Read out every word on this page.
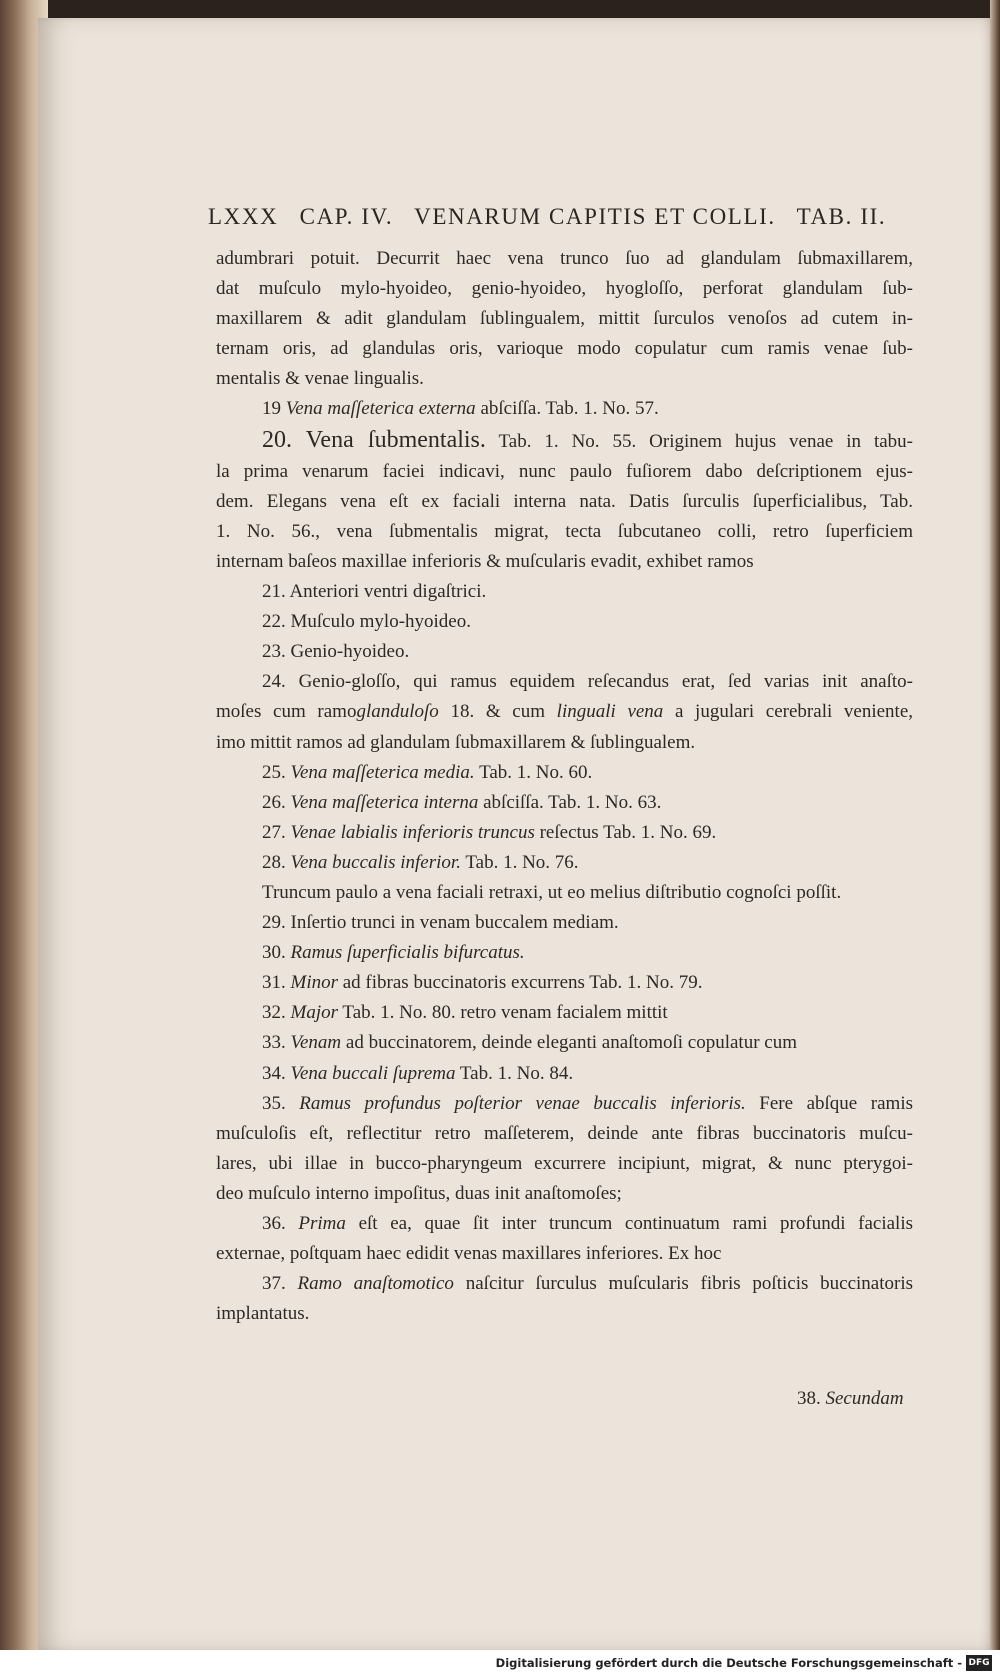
LXXX CAP. IV. VENARUM CAPITIS ET COLLI. TAB. II.

adumbrari potuit. Decurrit haec vena trunco ſuo ad glandulam ſubmaxillarem,

dat muſculo mylo-hyoideo, genio-hyoideo, hyogloſſo, perforat glandulam ſub-

maxillarem & adit glandulam ſublingualem, mittit ſurculos venoſos ad cutem in-

ternam oris, ad glandulas oris, varioque modo copulatur cum ramis venae ſub-

mentalis & venae lingualis.

19 Vena maſſeterica externa abſciſſa. Tab. 1. No. 57.

20. Vena ſubmentalis. Tab. 1. No. 55. Originem hujus venae in tabu-

la prima venarum faciei indicavi, nunc paulo fuſiorem dabo deſcriptionem ejus-

dem. Elegans vena eſt ex faciali interna nata. Datis ſurculis ſuperficialibus, Tab.

1. No. 56., vena ſubmentalis migrat, tecta ſubcutaneo colli, retro ſuperficiem

internam baſeos maxillae inferioris & muſcularis evadit, exhibet ramos

21. Anteriori ventri digaſtrici.

22. Muſculo mylo-hyoideo.

23. Genio-hyoideo.

24. Genio-gloſſo, qui ramus equidem reſecandus erat, ſed varias init anaſto-

moſes cum ramoglanduloſo 18. & cum linguali vena a jugulari cerebrali veniente,

imo mittit ramos ad glandulam ſubmaxillarem & ſublingualem.

25. Vena maſſeterica media. Tab. 1. No. 60.

26. Vena maſſeterica interna abſciſſa. Tab. 1. No. 63.

27. Venae labialis inferioris truncus reſectus Tab. 1. No. 69.

28. Vena buccalis inferior. Tab. 1. No. 76.

Truncum paulo a vena faciali retraxi, ut eo melius diſtributio cognoſci poſſit.

29. Inſertio trunci in venam buccalem mediam.

30. Ramus ſuperficialis bifurcatus.

31. Minor ad fibras buccinatoris excurrens Tab. 1. No. 79.

32. Major Tab. 1. No. 80. retro venam facialem mittit

33. Venam ad buccinatorem, deinde eleganti anaſtomoſi copulatur cum

34. Vena buccali ſuprema Tab. 1. No. 84.

35. Ramus profundus poſterior venae buccalis inferioris. Fere abſque ramis

muſculoſis eſt, reflectitur retro maſſeterem, deinde ante fibras buccinatoris muſcu-

lares, ubi illae in bucco-pharyngeum excurrere incipiunt, migrat, & nunc pterygoi-

deo muſculo interno impoſitus, duas init anaſtomoſes;

36. Prima eſt ea, quae ſit inter truncum continuatum rami profundi facialis

externae, poſtquam haec edidit venas maxillares inferiores. Ex hoc

37. Ramo anaſtomotico naſcitur ſurculus muſcularis fibris poſticis buccinatoris

implantatus.

38. Secundam
Digitalisierung gefördert durch die Deutsche Forschungsgemeinschaft - DFG
